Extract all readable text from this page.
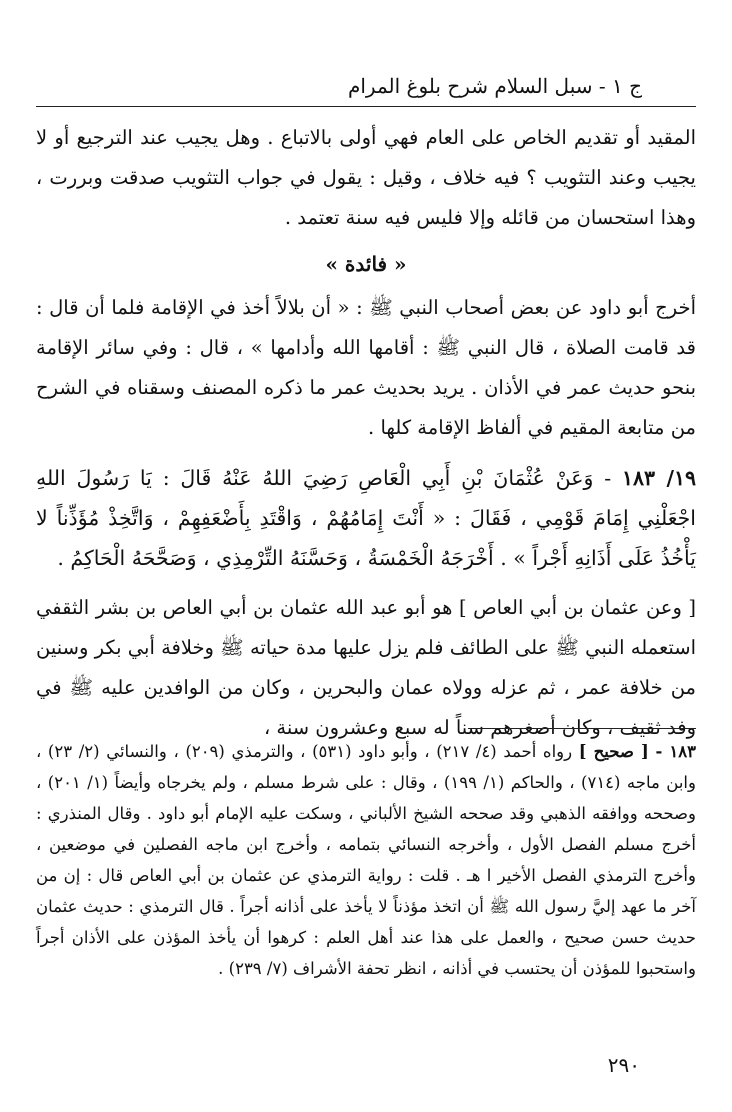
ج ١ - سبل السلام شرح بلوغ المرام

المقيد أو تقديم الخاص على العام فهي أولى بالاتباع . وهل يجيب عند الترجيع أو لا يجيب وعند التثويب ؟ فيه خلاف ، وقيل : يقول في جواب التثويب صدقت وبررت ، وهذا استحسان من قائله وإلا فليس فيه سنة تعتمد .

« فائدة »

أخرج أبو داود عن بعض أصحاب النبي ﷺ : « أن بلالاً أخذ في الإقامة فلما أن قال : قد قامت الصلاة ، قال النبي ﷺ : أقامها الله وأدامها » ، قال : وفي سائر الإقامة بنحو حديث عمر في الأذان . يريد بحديث عمر ما ذكره المصنف وسقناه في الشرح من متابعة المقيم في ألفاظ الإقامة كلها .

١٩/ ١٨٣ - وَعَنْ عُثْمَانَ بْنِ أَبِي الْعَاصِ رَضِيَ اللهُ عَنْهُ قَالَ : يَا رَسُولَ اللهِ اجْعَلْنِي إِمَامَ قَوْمِي ، فَقَالَ : « أَنْتَ إِمَامُهُمْ ، وَاقْتَدِ بِأَضْعَفِهِمْ ، وَاتَّخِذْ مُؤَذِّناً لا يَأْخُذُ عَلَى أَذَانِهِ أَجْراً » . أَخْرَجَهُ الْخَمْسَةُ ، وَحَسَّنَهُ التِّرْمِذِي ، وَصَحَّحَهُ الْحَاكِمُ .

[ وعن عثمان بن أبي العاص ] هو أبو عبد الله عثمان بن أبي العاص بن بشر الثقفي استعمله النبي ﷺ على الطائف فلم يزل عليها مدة حياته ﷺ وخلافة أبي بكر وسنين من خلافة عمر ، ثم عزله وولاه عمان والبحرين ، وكان من الوافدين عليه ﷺ في وفد ثقيف ، وكان أصغرهم سناً له سبع وعشرون سنة ،

١٨٣ - [ صحيح ] رواه أحمد (٤/ ٢١٧) ، وأبو داود (٥٣١) ، والترمذي (٢٠٩) ، والنسائي (٢/ ٢٣) ، وابن ماجه (٧١٤) ، والحاكم (١/ ١٩٩) ، وقال : على شرط مسلم ، ولم يخرجاه وأيضاً (١/ ٢٠١) ، وصححه ووافقه الذهبي وقد صححه الشيخ الألباني ، وسكت عليه الإمام أبو داود . وقال المنذري : أخرج مسلم الفصل الأول ، وأخرجه النسائي بتمامه ، وأخرج ابن ماجه الفصلين في موضعين ، وأخرج الترمذي الفصل الأخير ا هـ . قلت : رواية الترمذي عن عثمان بن أبي العاص قال : إن من آخر ما عهد إليَّ رسول الله ﷺ أن اتخذ مؤذناً لا يأخذ على أذانه أجراً . قال الترمذي : حديث عثمان حديث حسن صحيح ، والعمل على هذا عند أهل العلم : كرهوا أن يأخذ المؤذن على الأذان أجراً واستحبوا للمؤذن أن يحتسب في أذانه ، انظر تحفة الأشراف (٧/ ٢٣٩) .

٢٩٠
